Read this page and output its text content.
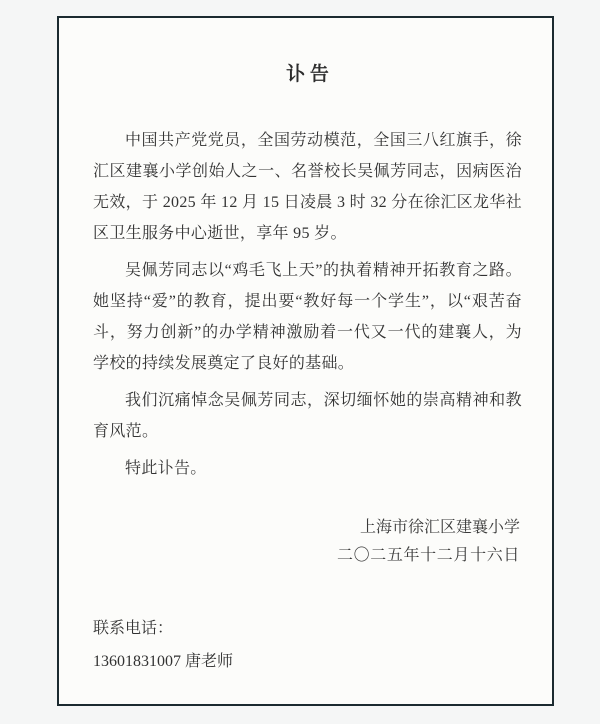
讣 告

中国共产党党员，全国劳动模范，全国三八红旗手，徐汇区建襄小学创始人之一、名誉校长吴佩芳同志，因病医治无效，于 2025 年 12 月 15 日凌晨 3 时 32 分在徐汇区龙华社区卫生服务中心逝世，享年 95 岁。

吴佩芳同志以“鸡毛飞上天”的执着精神开拓教育之路。她坚持“爱”的教育，提出要“教好每一个学生”，以“艰苦奋斗，努力创新”的办学精神激励着一代又一代的建襄人，为学校的持续发展奠定了良好的基础。

我们沉痛悼念吴佩芳同志，深切缅怀她的崇高精神和教育风范。

特此讣告。

上海市徐汇区建襄小学
二〇二五年十二月十六日
联系电话：
13601831007 唐老师
